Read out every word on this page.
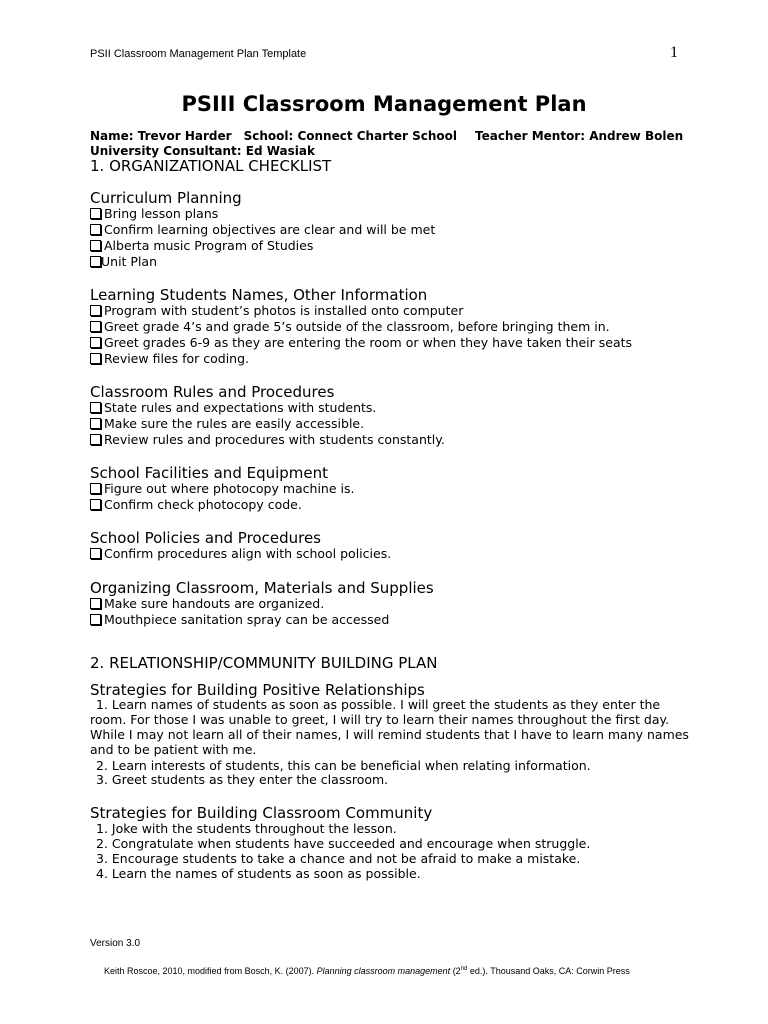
PSII Classroom Management Plan Template	1
PSIII Classroom Management Plan
Name: Trevor Harder School: Connect Charter School Teacher Mentor: Andrew Bolen
University Consultant: Ed Wasiak
1. ORGANIZATIONAL CHECKLIST
Curriculum Planning
Bring lesson plans
Confirm learning objectives are clear and will be met
Alberta music Program of Studies
Unit Plan
Learning Students Names, Other Information
Program with student’s photos is installed onto computer
Greet grade 4’s and grade 5’s outside of the classroom, before bringing them in.
Greet grades 6-9 as they are entering the room or when they have taken their seats
Review files for coding.
Classroom Rules and Procedures
State rules and expectations with students.
Make sure the rules are easily accessible.
Review rules and procedures with students constantly.
School Facilities and Equipment
Figure out where photocopy machine is.
Confirm check photocopy code.
School Policies and Procedures
Confirm procedures align with school policies.
Organizing Classroom, Materials and Supplies
Make sure handouts are organized.
Mouthpiece sanitation spray can be accessed
2. RELATIONSHIP/COMMUNITY BUILDING PLAN
Strategies for Building Positive Relationships
1. Learn names of students as soon as possible. I will greet the students as they enter the room. For those I was unable to greet, I will try to learn their names throughout the first day. While I may not learn all of their names, I will remind students that I have to learn many names and to be patient with me.
2. Learn interests of students, this can be beneficial when relating information.
3. Greet students as they enter the classroom.
Strategies for Building Classroom Community
1. Joke with the students throughout the lesson.
2. Congratulate when students have succeeded and encourage when struggle.
3. Encourage students to take a chance and not be afraid to make a mistake.
4. Learn the names of students as soon as possible.
Version 3.0
Keith Roscoe, 2010, modified from Bosch, K. (2007). Planning classroom management (2nd ed.). Thousand Oaks, CA: Corwin Press
